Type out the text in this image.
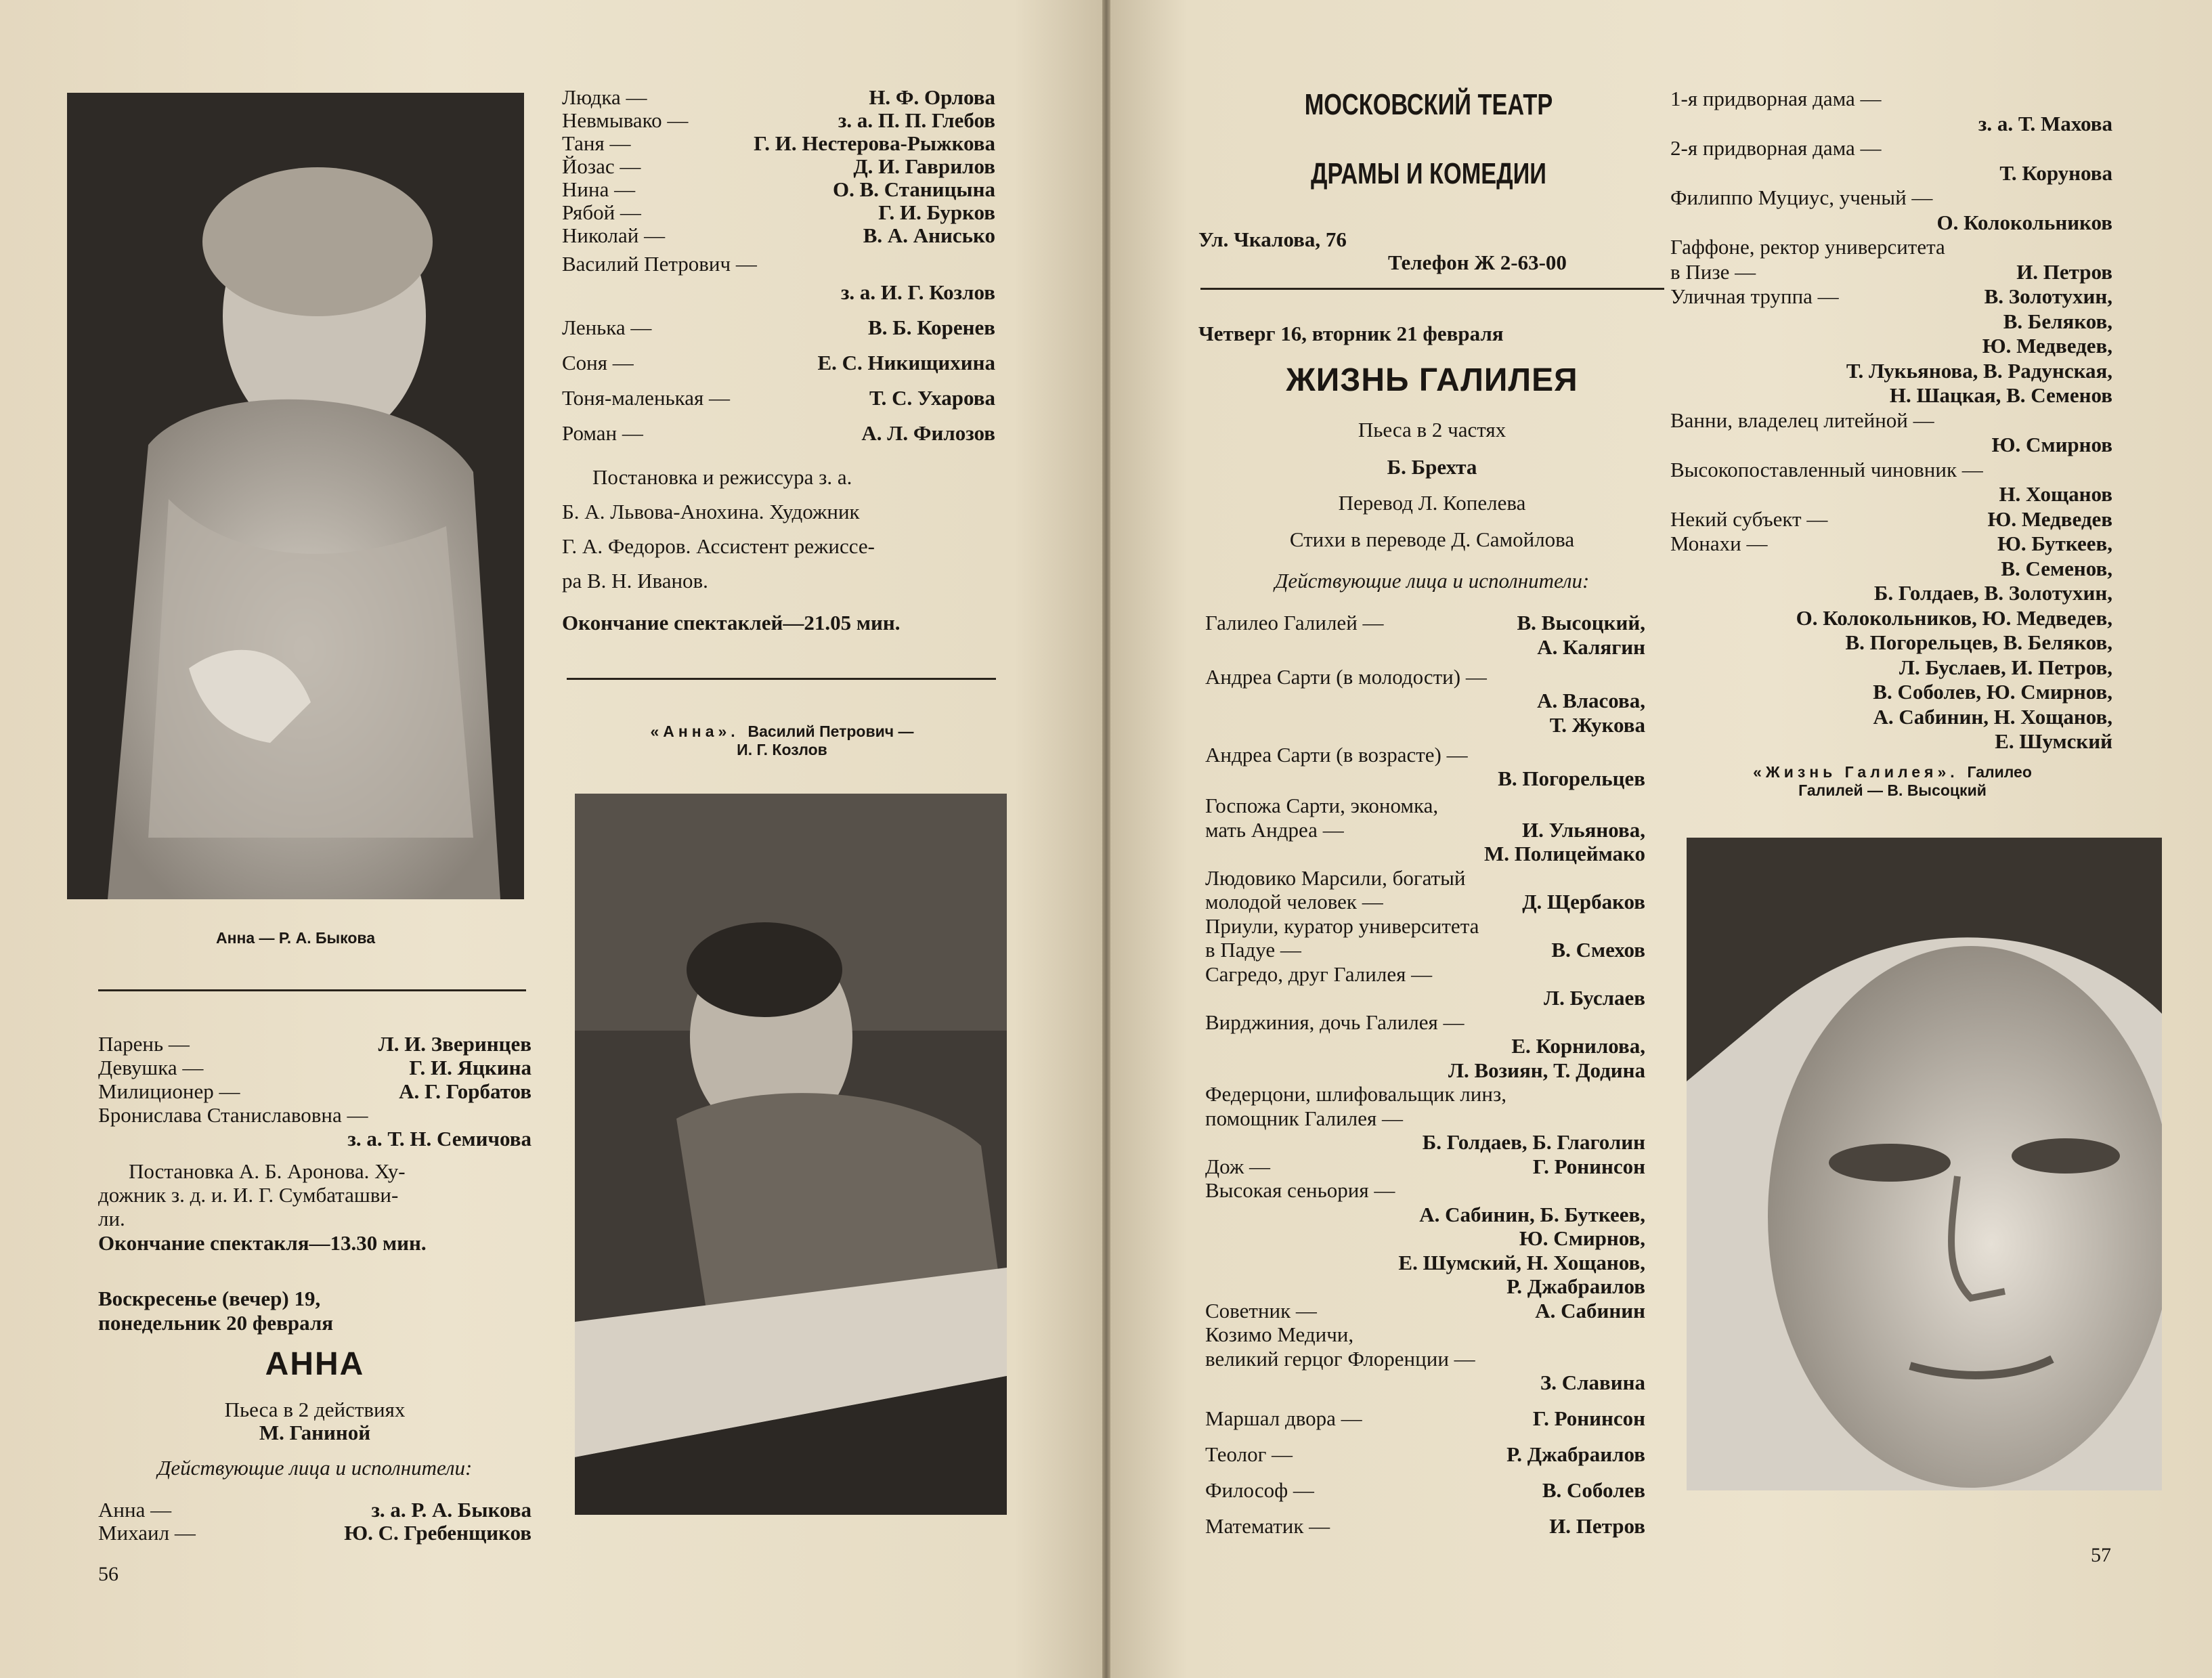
Анна — Р. А. Быкова
Людка —	Н. Ф. Орлова
Невмывако —	з. а. П. П. Глебов
Таня —	Г. И. Нестерова-Рыжкова
Йозас —	Д. И. Гаврилов
Нина —	О. В. Станицына
Рябой —	Г. И. Бурков
Николай —	В. А. Анисько
Василий Петрович —
з. а. И. Г. Козлов
Ленька —	В. Б. Коренев
Соня —	Е. С. Никищихина
Тоня-маленькая —	Т. С. Ухарова
Роман —	А. Л. Филозов
Постановка и режиссура з. а.
Б. А. Львова-Анохина. Художник
Г. А. Федоров. Ассистент режиссе-
ра В. Н. Иванов.
Окончание спектаклей—21.05 мин.
«Анна». Василий Петрович —
И. Г. Козлов
Парень —	Л. И. Зверинцев
Девушка —	Г. И. Яцкина
Милиционер —	А. Г. Горбатов
Бронислава Станиславовна —
з. а. Т. Н. Семичова
Постановка А. Б. Аронова. Ху-
дожник з. д. и. И. Г. Сумбаташви-
ли.
Окончание спектакля—13.30 мин.
Воскресенье (вечер) 19,
понедельник 20 февраля
АННА
Пьеса в 2 действиях
М. Ганиной
Действующие лица и исполнители:
Анна —	з. а. Р. А. Быкова
Михаил —	Ю. С. Гребенщиков
56
МОСКОВСКИЙ ТЕАТР
ДРАМЫ И КОМЕДИИ
Ул. Чкалова, 76
Телефон Ж 2-63-00
Четверг 16, вторник 21 февраля
ЖИЗНЬ ГАЛИЛЕЯ
Пьеса в 2 частях
Б. Брехта
Перевод Л. Копелева
Стихи в переводе Д. Самойлова
Действующие лица и исполнители:
Галилео Галилей —	В. Высоцкий,
А. Калягин
Андреа Сарти (в молодости) —
А. Власова,
Т. Жукова
Андреа Сарти (в возрасте) —
В. Погорельцев
Госпожа Сарти, экономка,
мать Андреа —	И. Ульянова,
М. Полицеймако
Людовико Марсили, богатый
молодой человек —	Д. Щербаков
Приули, куратор университета
в Падуе —	В. Смехов
Сагредо, друг Галилея —
Л. Буслаев
Вирджиния, дочь Галилея —
Е. Корнилова,
Л. Возиян, Т. Додина
Федерцони, шлифовальщик линз,
помощник Галилея —
Б. Голдаев, Б. Глаголин
Дож —	Г. Ронинсон
Высокая сеньория —
А. Сабинин, Б. Буткеев,
Ю. Смирнов,
Е. Шумский, Н. Хощанов,
Р. Джабраилов
Советник —	А. Сабинин
Козимо Медичи,
великий герцог Флоренции —
З. Славина
Маршал двора —	Г. Ронинсон
Теолог —	Р. Джабраилов
Философ —	В. Соболев
Математик —	И. Петров
1-я придворная дама —
з. а. Т. Махова
2-я придворная дама —
Т. Корунова
Филиппо Муциус, ученый —
О. Колокольников
Гаффоне, ректор университета
в Пизе —	И. Петров
Уличная труппа —	В. Золотухин,
В. Беляков,
Ю. Медведев,
Т. Лукьянова, В. Радунская,
Н. Шацкая, В. Семенов
Ванни, владелец литейной —
Ю. Смирнов
Высокопоставленный чиновник —
Н. Хощанов
Некий субъект —	Ю. Медведев
Монахи —	Ю. Буткеев,
В. Семенов,
Б. Голдаев, В. Золотухин,
О. Колокольников, Ю. Медведев,
В. Погорельцев, В. Беляков,
Л. Буслаев, И. Петров,
В. Соболев, Ю. Смирнов,
А. Сабинин, Н. Хощанов,
Е. Шумский
«Жизнь Галилея». Галилео
Галилей — В. Высоцкий
57
